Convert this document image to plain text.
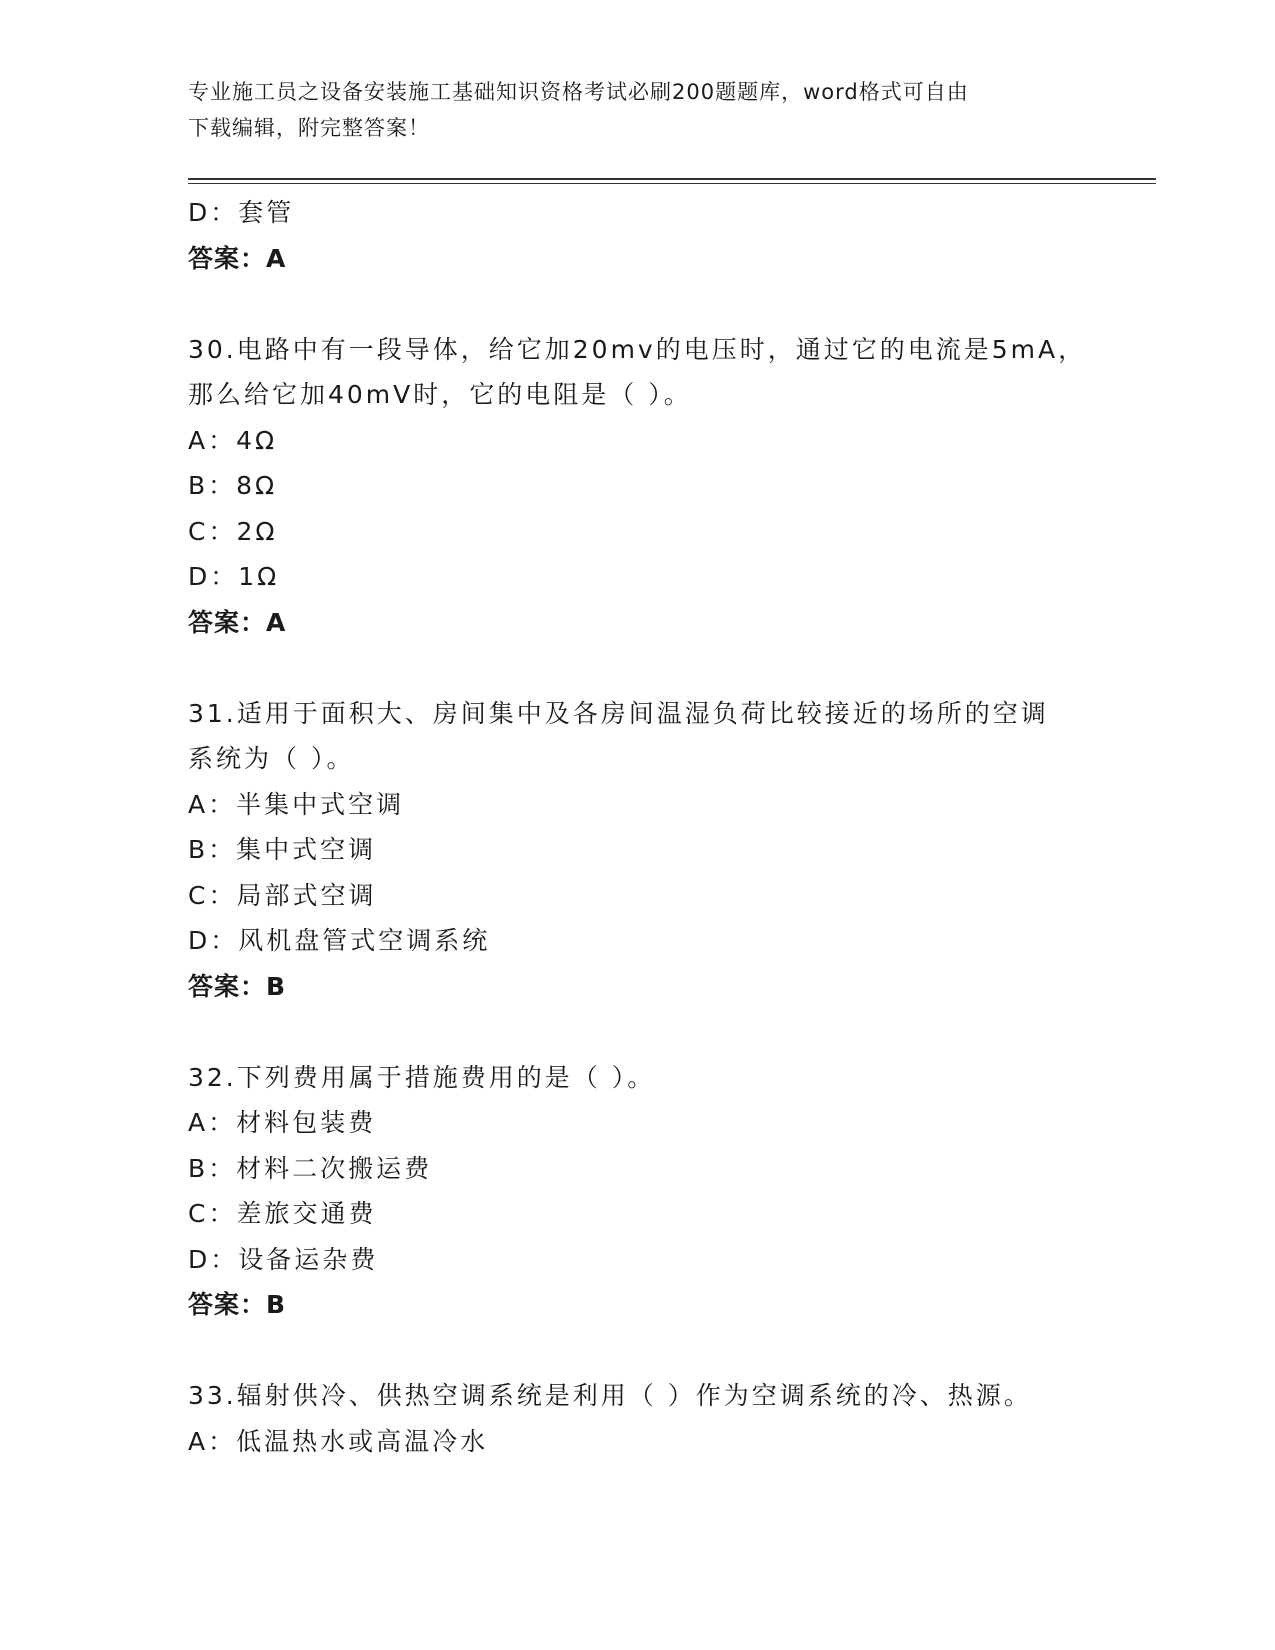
专业施工员之设备安装施工基础知识资格考试必刷200题题库，word格式可自由
下载编辑，附完整答案！
D：套管
答案：A
30.电路中有一段导体，给它加20mv的电压时，通过它的电流是5mA，
那么给它加40mV时，它的电阻是（ ）。
A：4Ω
B：8Ω
C：2Ω
D：1Ω
答案：A
31.适用于面积大、房间集中及各房间温湿负荷比较接近的场所的空调
系统为（ ）。
A：半集中式空调
B：集中式空调
C：局部式空调
D：风机盘管式空调系统
答案：B
32.下列费用属于措施费用的是（ ）。
A：材料包装费
B：材料二次搬运费
C：差旅交通费
D：设备运杂费
答案：B
33.辐射供冷、供热空调系统是利用（ ）作为空调系统的冷、热源。
A：低温热水或高温冷水
